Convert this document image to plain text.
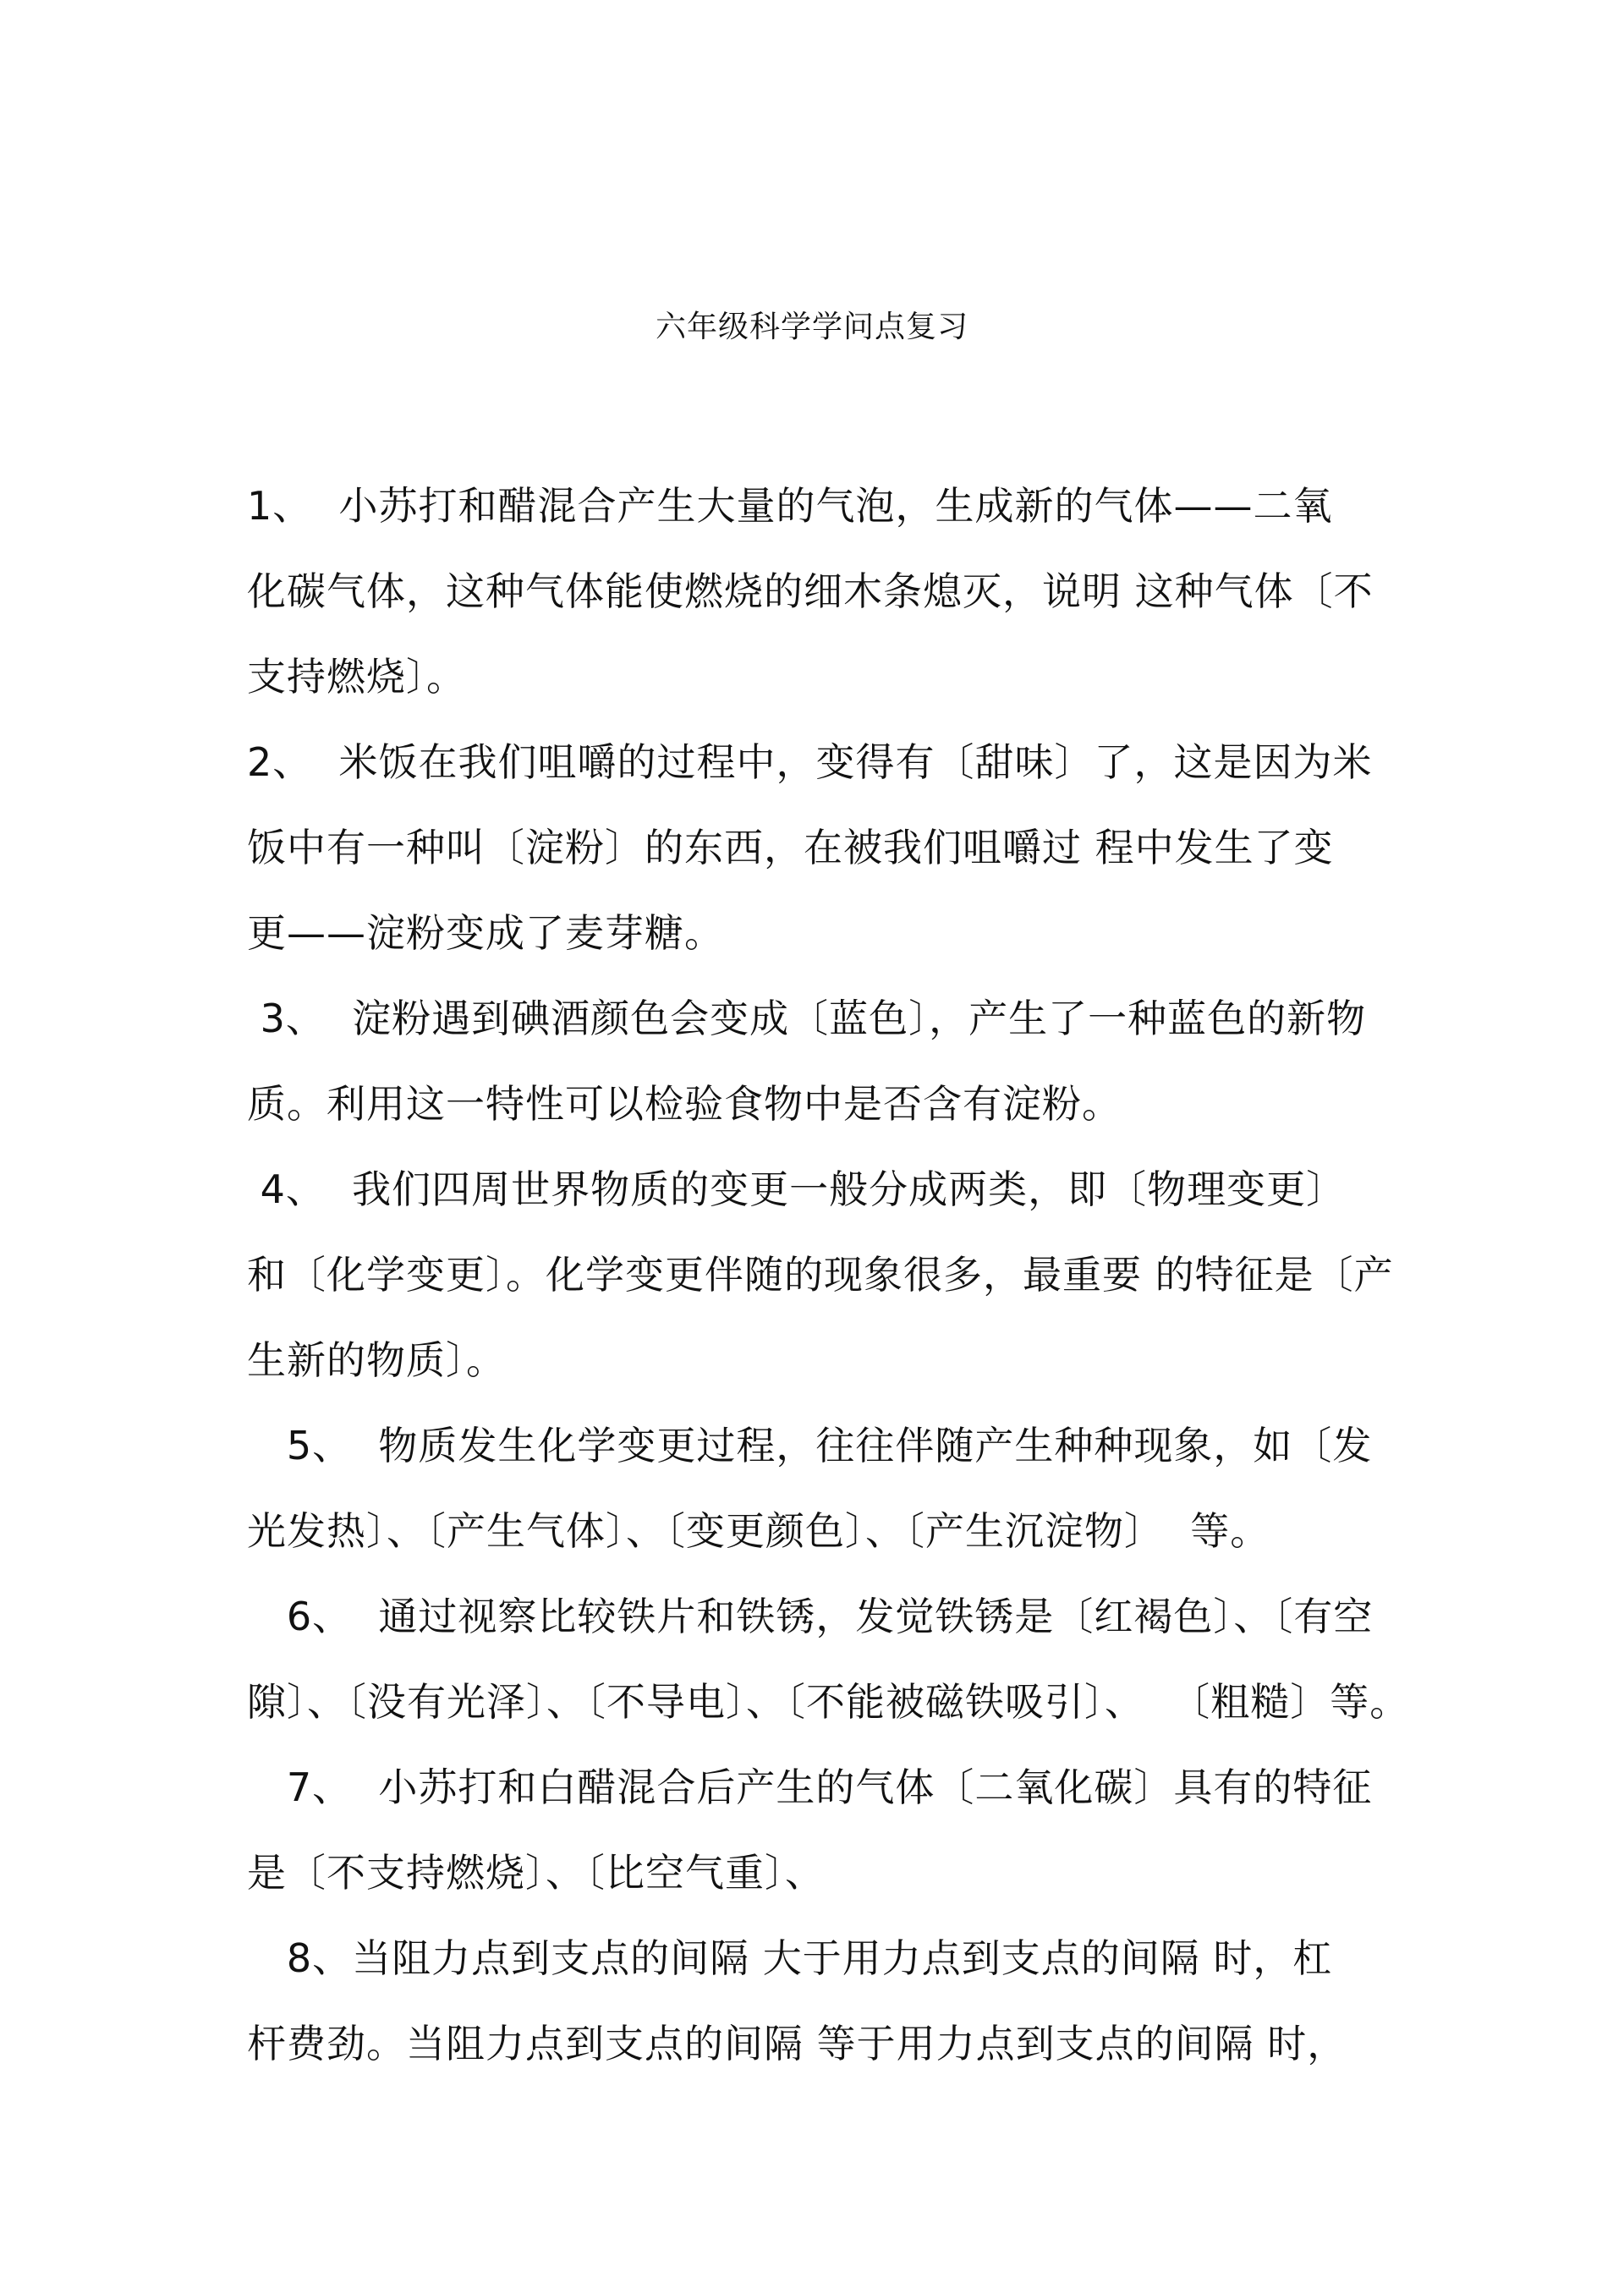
六年级科学学问点复习
1、  小苏打和醋混合产生大量的气泡，生成新的气体——二氧
化碳气体，这种气体能使燃烧的细木条熄灭，说明 这种气体〔不
支持燃烧〕。
2、  米饭在我们咀嚼的过程中，变得有〔甜味〕了，这是因为米
饭中有一种叫〔淀粉〕的东西，在被我们咀嚼过 程中发生了变
更——淀粉变成了麦芽糖。
3、  淀粉遇到碘酒颜色会变成〔蓝色〕，产生了一种蓝色的新物
质。利用这一特性可以检验食物中是否含有淀粉。
4、  我们四周世界物质的变更一般分成两类，即〔物理变更〕
和〔化学变更〕。化学变更伴随的现象很多，最重要 的特征是〔产
生新的物质〕。
5、  物质发生化学变更过程，往往伴随产生种种现象，如〔发
光发热〕、〔产生气体〕、〔变更颜色〕、〔产生沉淀物〕  等。
6、  通过视察比较铁片和铁锈，发觉铁锈是〔红褐色〕、〔有空
隙〕、〔没有光泽〕、〔不导电〕、〔不能被磁铁吸引〕、  〔粗糙〕等。
7、  小苏打和白醋混合后产生的气体〔二氧化碳〕具有的特征
是〔不支持燃烧〕、〔比空气重〕、
8、当阻力点到支点的间隔 大于用力点到支点的间隔 时，杠
杆费劲。当阻力点到支点的间隔 等于用力点到支点的间隔 时，
